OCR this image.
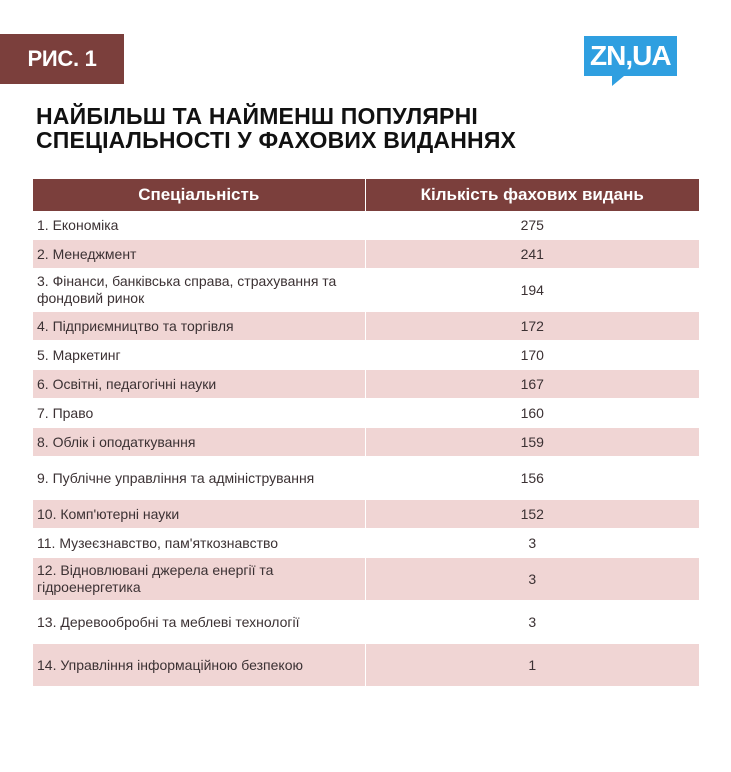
РИС. 1	ZN,UA
НАЙБІЛЬШ ТА НАЙМЕНШ ПОПУЛЯРНІ
СПЕЦІАЛЬНОСТІ У ФАХОВИХ ВИДАННЯХ
Спеціальність	Кількість фахових видань
1. Економіка	275
2. Менеджмент	241
3. Фінанси, банківська справа, страхування та фондовий ринок	194
4. Підприємництво та торгівля	172
5. Маркетинг	170
6. Освітні, педагогічні науки	167
7. Право	160
8. Облік і оподаткування	159
9. Публічне управління та адміністрування	156
10. Комп'ютерні науки	152
11. Музеєзнавство, пам'яткознавство	3
12. Відновлювані джерела енергії та гідроенергетика	3
13. Деревообробні та меблеві технології	3
14. Управління інформаційною безпекою	1
